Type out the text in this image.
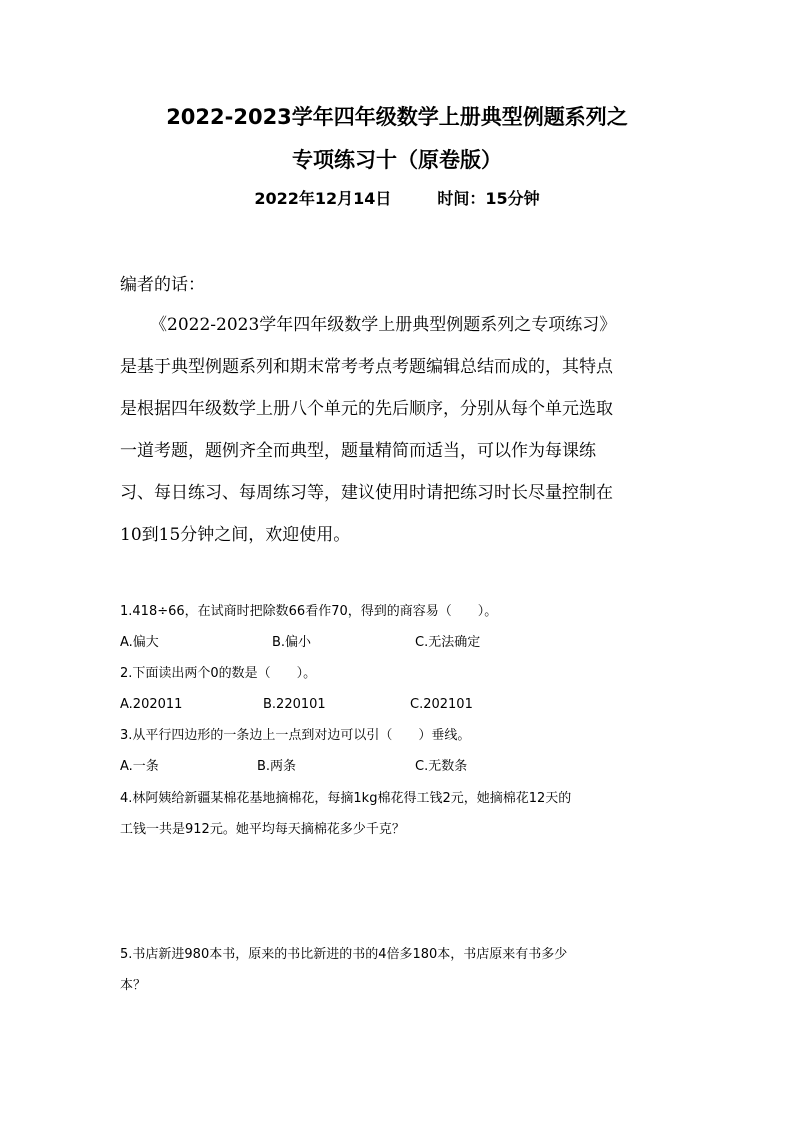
2022-2023学年四年级数学上册典型例题系列之
专项练习十（原卷版）
2022年12月14日	时间：15分钟
编者的话：
《2022-2023学年四年级数学上册典型例题系列之专项练习》
是基于典型例题系列和期末常考考点考题编辑总结而成的，其特点
是根据四年级数学上册八个单元的先后顺序，分别从每个单元选取
一道考题，题例齐全而典型，题量精简而适当，可以作为每课练
习、每日练习、每周练习等，建议使用时请把练习时长尽量控制在
10到15分钟之间，欢迎使用。
1.418÷66，在试商时把除数66看作70，得到的商容易（　　）。
A.偏大	B.偏小	C.无法确定
2.下面读出两个0的数是（　　）。
A.202011	B.220101	C.202101
3.从平行四边形的一条边上一点到对边可以引（　　）垂线。
A.一条	B.两条	C.无数条
4.林阿姨给新疆某棉花基地摘棉花，每摘1kg棉花得工钱2元，她摘棉花12天的
工钱一共是912元。她平均每天摘棉花多少千克？
5.书店新进980本书，原来的书比新进的书的4倍多180本，书店原来有书多少
本？
